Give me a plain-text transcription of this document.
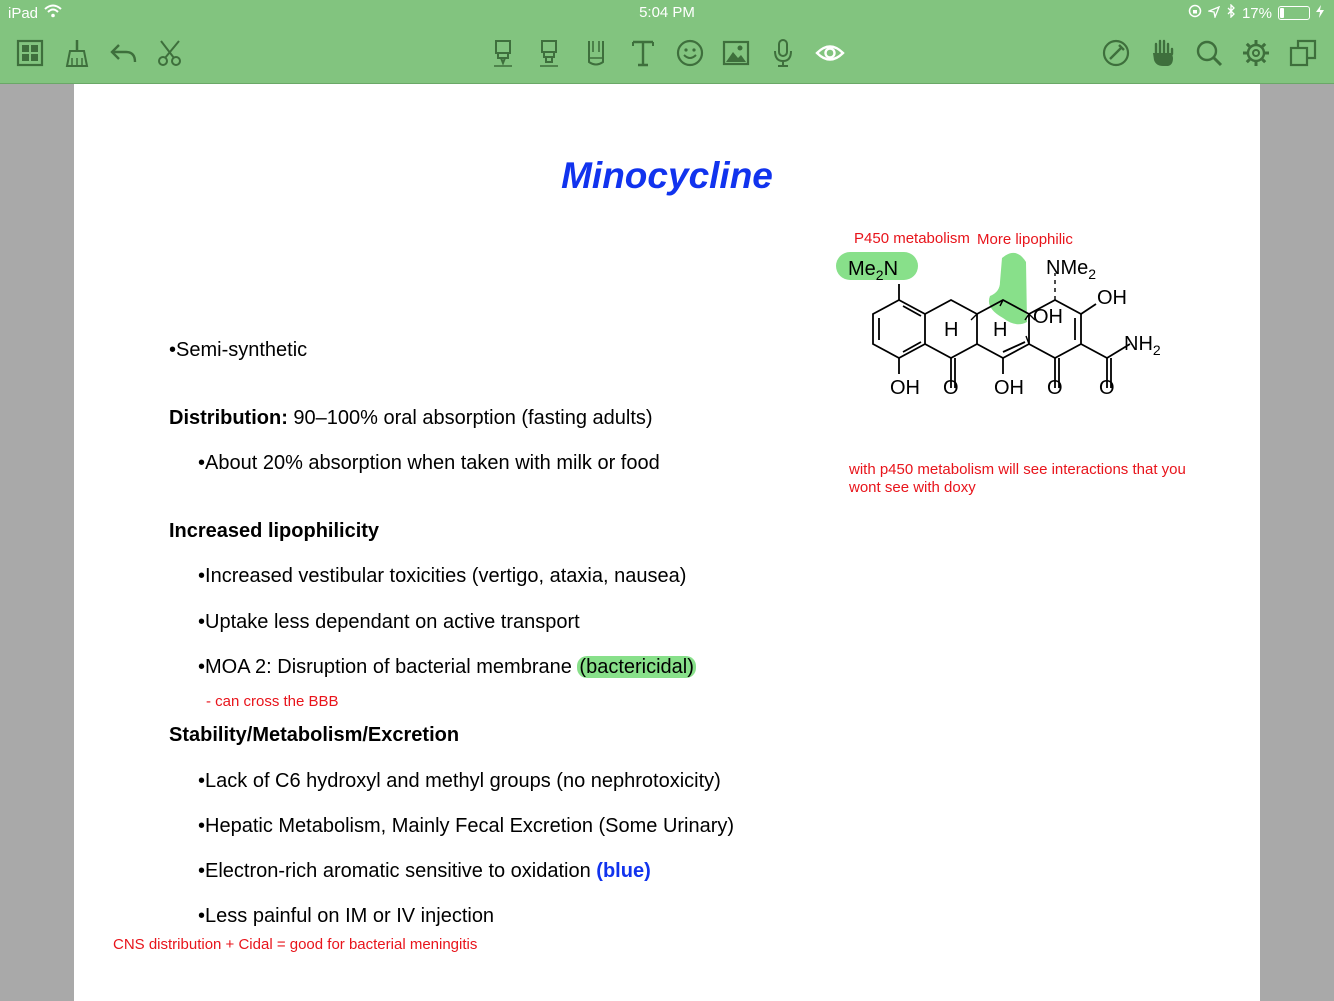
iPad	5:04 PM	17%
Minocycline
•Semi-synthetic
Distribution: 90–100% oral absorption (fasting adults)
•About 20% absorption when taken with milk or food
Increased lipophilicity
•Increased vestibular toxicities (vertigo, ataxia, nausea)
•Uptake less dependant on active transport
•MOA 2: Disruption of bacterial membrane (bactericidal)
- can cross the BBB
Stability/Metabolism/Excretion
•Lack of C6 hydroxyl and methyl groups (no nephrotoxicity)
•Hepatic Metabolism, Mainly Fecal Excretion (Some Urinary)
•Electron-rich aromatic sensitive to oxidation (blue)
•Less painful on IM or IV injection
CNS distribution + Cidal = good for bacterial meningitis
P450 metabolism More lipophilic
with p450 metabolism will see interactions that you
wont see with doxy
$Me_2N$	NMe$_2$
OH
OH
$NH_2$
H H
OH O OH O O
